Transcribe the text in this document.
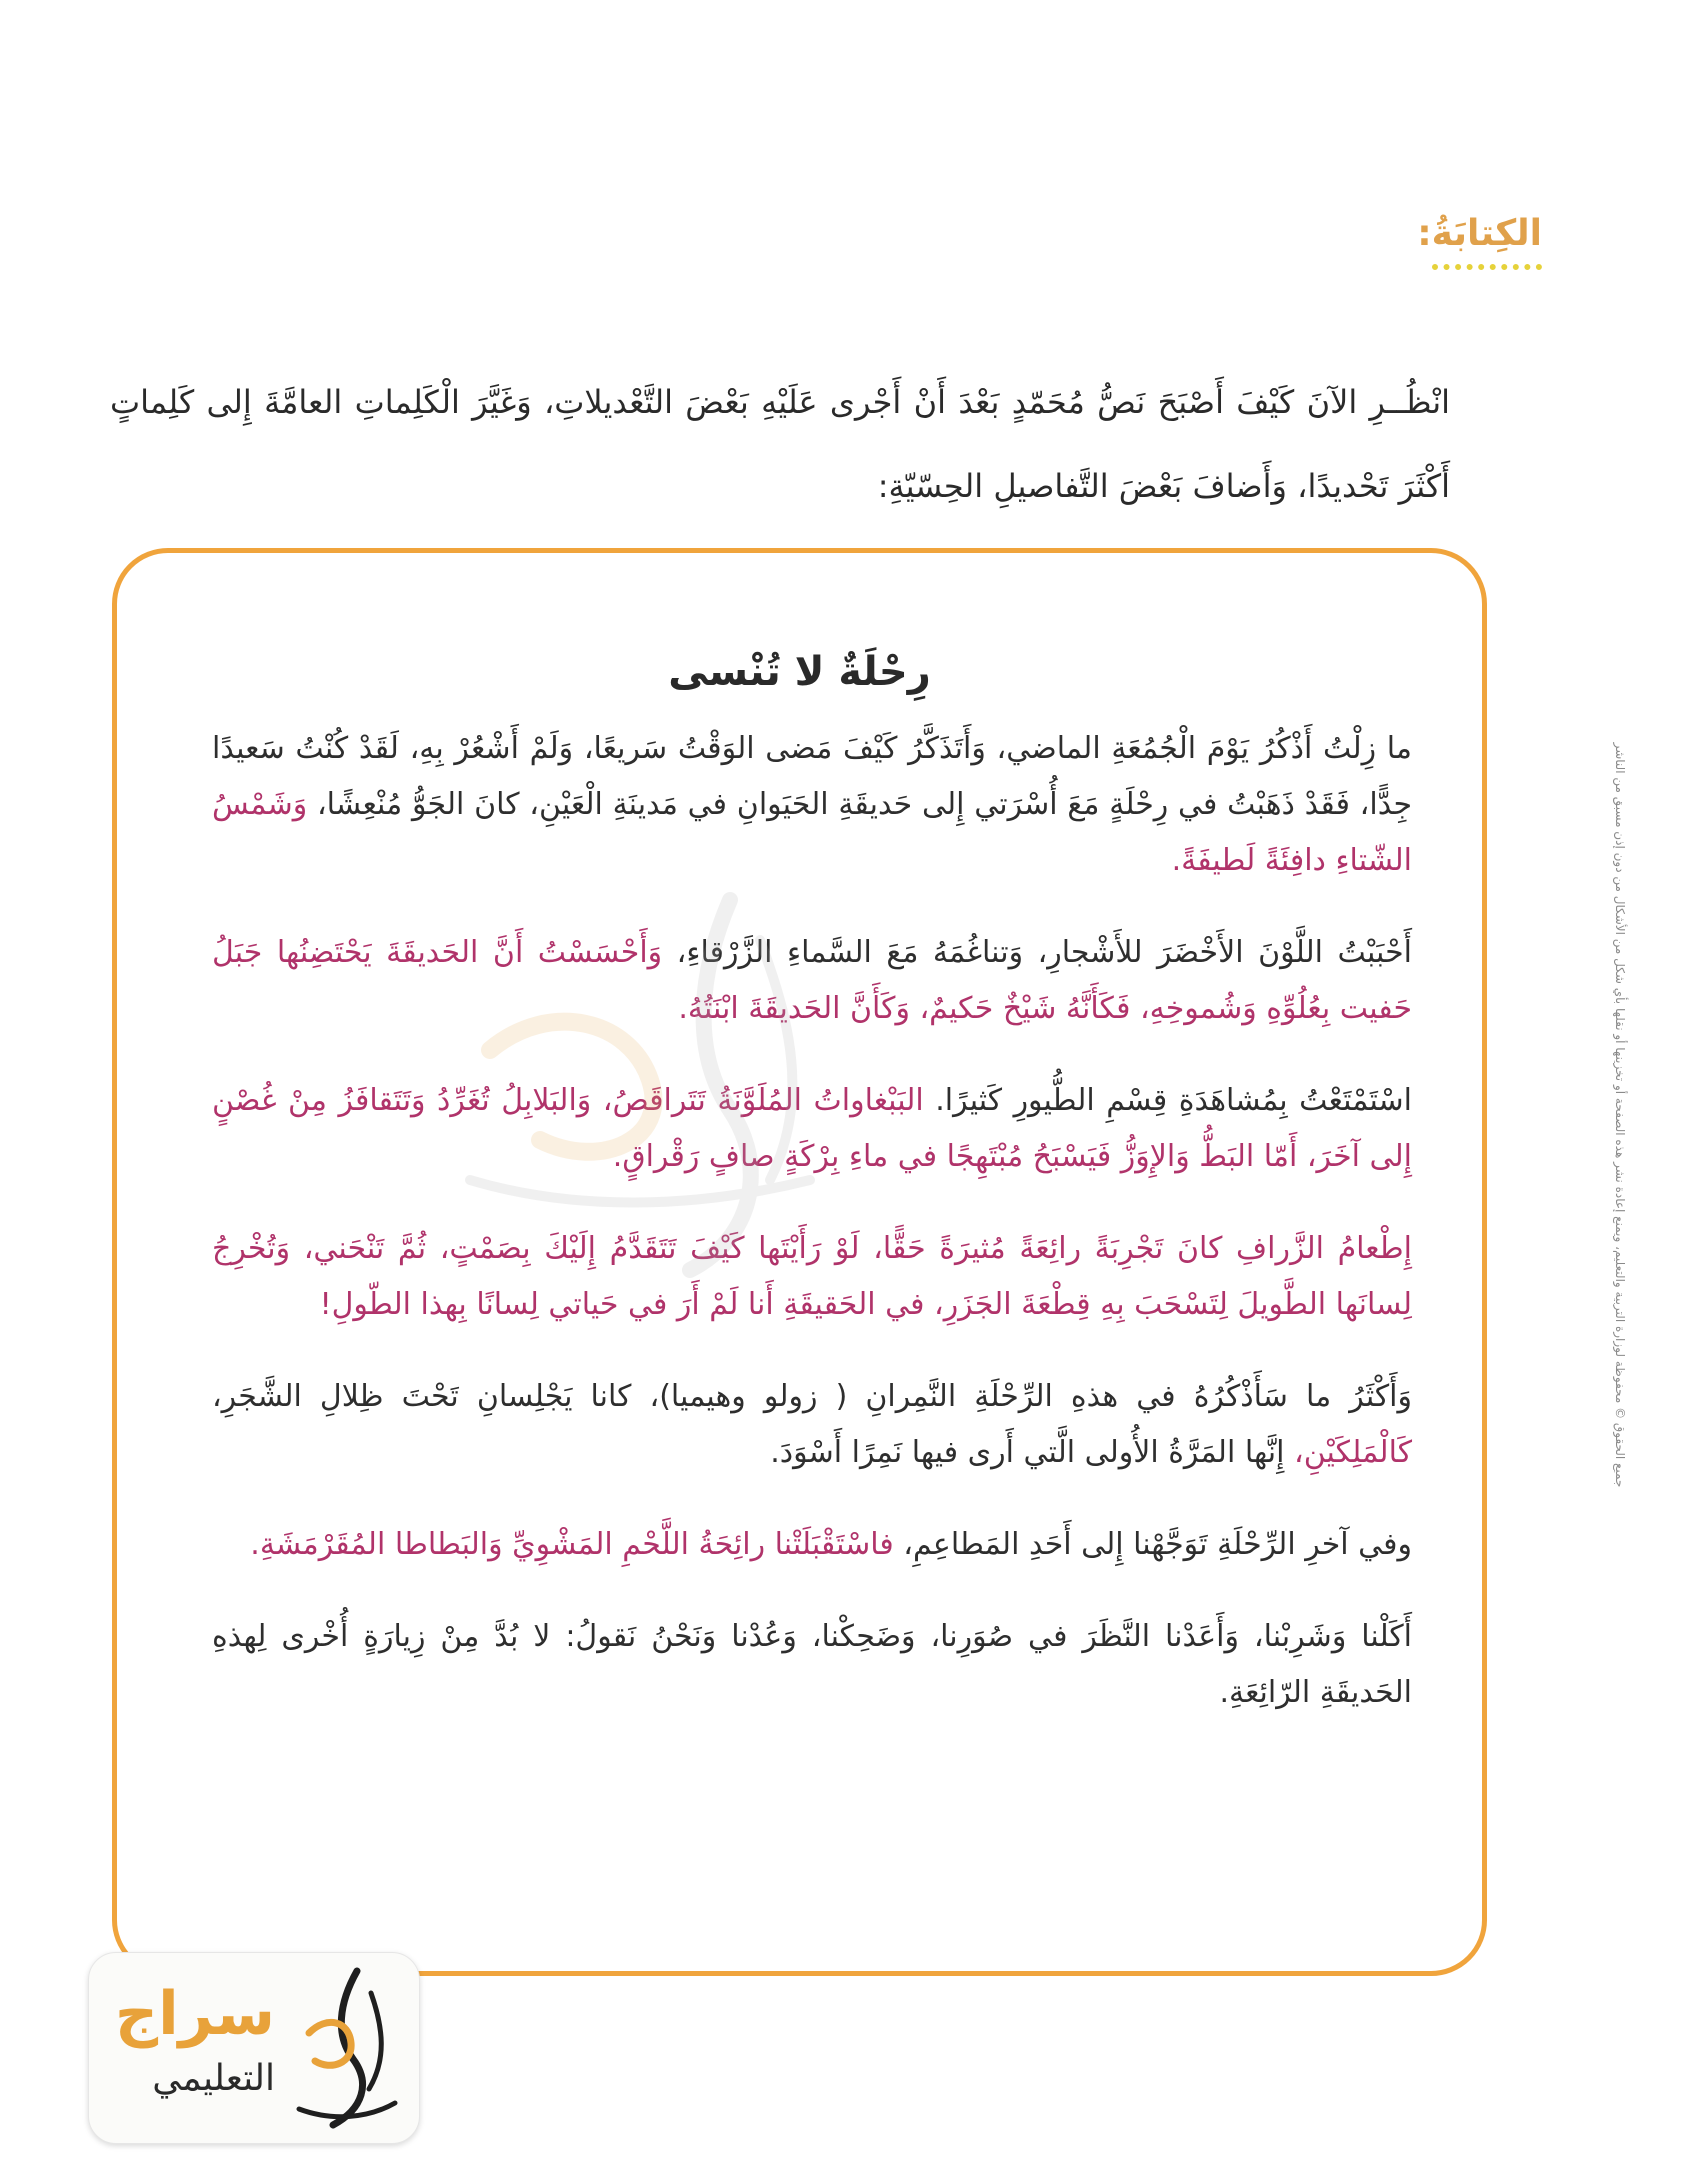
الكِتابَةُ:
انْظُــرِ الآنَ كَيْفَ أَصْبَحَ نَصُّ مُحَمّدٍ بَعْدَ أَنْ أَجْرى عَلَيْهِ بَعْضَ التَّعْديلاتِ، وَغَيَّرَ الْكَلِماتِ العامَّةَ إِلى كَلِماتٍ أَكْثَرَ تَحْديدًا، وَأَضافَ بَعْضَ التَّفاصيلِ الحِسّيّةِ:
جميع الحقوق © محفوظة لوزارة التربية والتعليم، ويمنع إعادة نشر هذه الصفحة أو تخزينها أو نقلها بأي شكل من الأشكال من دون إذن مسبق من الناشر
رِحْلَةٌ لا تُنْسى

ما زِلْتُ أَذْكُرُ يَوْمَ الْجُمُعَةِ الماضي، وَأَتَذَكَّرُ كَيْفَ مَضى الوَقْتُ سَريعًا، وَلَمْ أَشْعُرْ بِهِ، لَقَدْ كُنْتُ سَعيدًا جِدًّا، فَقَدْ ذَهَبْتُ في رِحْلَةٍ مَعَ أُسْرَتي إِلى حَديقَةِ الحَيَوانِ في مَدينَةِ الْعَيْنِ، كانَ الجَوُّ مُنْعِشًا، وَشَمْسُ الشّتاءِ دافِئَةً لَطيفَةً.

أَحْبَبْتُ اللَّوْنَ الأَخْضَرَ للأَشْجارِ، وَتناغُمَهُ مَعَ السَّماءِ الزَّرْقاءِ، وَأَحْسَسْتُ أَنَّ الحَديقَةَ يَحْتَضِنُها جَبَلُ حَفيت بِعُلُوِّهِ وَشُموخِهِ، فَكَأَنَّهُ شَيْخٌ حَكيمٌ، وَكَأَنَّ الحَديقَةَ ابْنَتُهُ.

اسْتَمْتَعْتُ بِمُشاهَدَةِ قِسْمِ الطُّيورِ كَثيرًا. البَبْغاواتُ المُلَوَّنَةُ تَتَراقَصُ، وَالبَلابِلُ تُغَرِّدُ وَتَتَقافَزُ مِنْ غُصْنٍ إِلى آخَرَ، أَمّا البَطُّ وَالإِوَزُّ فَيَسْبَحُ مُبْتَهِجًا في ماءِ بِرْكَةٍ صافٍ رَقْراقٍ.

إِطْعامُ الزَّرافِ كانَ تَجْرِبَةً رائِعَةً مُثيرَةً حَقًّا، لَوْ رَأَيْتَها كَيْفَ تَتَقَدَّمُ إِلَيْكَ بِصَمْتٍ، ثُمَّ تَنْحَني، وَتُخْرِجُ لِسانَها الطَّويلَ لِتَسْحَبَ بِهِ قِطْعَةَ الجَزَرِ، في الحَقيقَةِ أَنا لَمْ أَرَ في حَياتي لِسانًا بِهذا الطّولِ!

وَأَكْثَرُ ما سَأَذْكُرُهُ في هذهِ الرِّحْلَةِ النَّمِرانِ ( زولو وهيميا)، كانا يَجْلِسانِ تَحْتَ ظِلالِ الشَّجَرِ، كَالْمَلِكَيْنِ، إِنَّها المَرَّةُ الأُولى الَّتي أَرى فيها نَمِرًا أَسْوَدَ.

وفي آخرِ الرِّحْلَةِ تَوَجَّهْنا إِلى أَحَدِ المَطاعِمِ، فاسْتَقْبَلَتْنا رائِحَةُ اللَّحْمِ المَشْوِيِّ وَالبَطاطا المُقَرْمَشَةِ.

أَكَلْنا وَشَرِبْنا، وَأَعَدْنا النَّظَرَ في صُوَرِنا، وَضَحِكْنا، وَعُدْنا وَنَحْنُ نَقولُ: لا بُدَّ مِنْ زِيارَةٍ أُخْرى لِهذهِ الحَديقَةِ الرّائِعَةِ.

سراج
التعليمي
